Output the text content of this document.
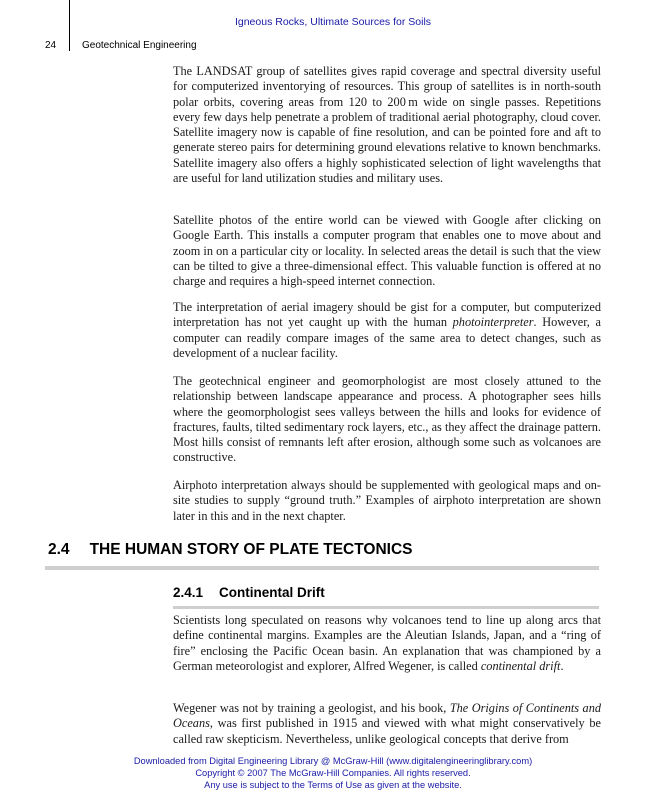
Igneous Rocks, Ultimate Sources for Soils
24	Geotechnical Engineering

The LANDSAT group of satellites gives rapid coverage and spectral diversity useful for computerized inventorying of resources. This group of satellites is in north-south polar orbits, covering areas from 120 to 200 m wide on single passes. Repetitions every few days help penetrate a problem of traditional aerial photography, cloud cover. Satellite imagery now is capable of fine resolution, and can be pointed fore and aft to generate stereo pairs for determining ground elevations relative to known benchmarks. Satellite imagery also offers a highly sophisticated selection of light wavelengths that are useful for land utilization studies and military uses.

Satellite photos of the entire world can be viewed with Google after clicking on Google Earth. This installs a computer program that enables one to move about and zoom in on a particular city or locality. In selected areas the detail is such that the view can be tilted to give a three-dimensional effect. This valuable function is offered at no charge and requires a high-speed internet connection.

The interpretation of aerial imagery should be gist for a computer, but computerized interpretation has not yet caught up with the human photointerpreter. However, a computer can readily compare images of the same area to detect changes, such as development of a nuclear facility.

The geotechnical engineer and geomorphologist are most closely attuned to the relationship between landscape appearance and process. A photographer sees hills where the geomorphologist sees valleys between the hills and looks for evidence of fractures, faults, tilted sedimentary rock layers, etc., as they affect the drainage pattern. Most hills consist of remnants left after erosion, although some such as volcanoes are constructive.

Airphoto interpretation always should be supplemented with geological maps and on-site studies to supply “ground truth.” Examples of airphoto interpretation are shown later in this and in the next chapter.

2.4 THE HUMAN STORY OF PLATE TECTONICS
2.4.1 Continental Drift

Scientists long speculated on reasons why volcanoes tend to line up along arcs that define continental margins. Examples are the Aleutian Islands, Japan, and a “ring of fire” enclosing the Pacific Ocean basin. An explanation that was championed by a German meteorologist and explorer, Alfred Wegener, is called continental drift.

Wegener was not by training a geologist, and his book, The Origins of Continents and Oceans, was first published in 1915 and viewed with what might conservatively be called raw skepticism. Nevertheless, unlike geological concepts that derive from

Downloaded from Digital Engineering Library @ McGraw-Hill (www.digitalengineeringlibrary.com)
Copyright © 2007 The McGraw-Hill Companies. All rights reserved.
Any use is subject to the Terms of Use as given at the website.
